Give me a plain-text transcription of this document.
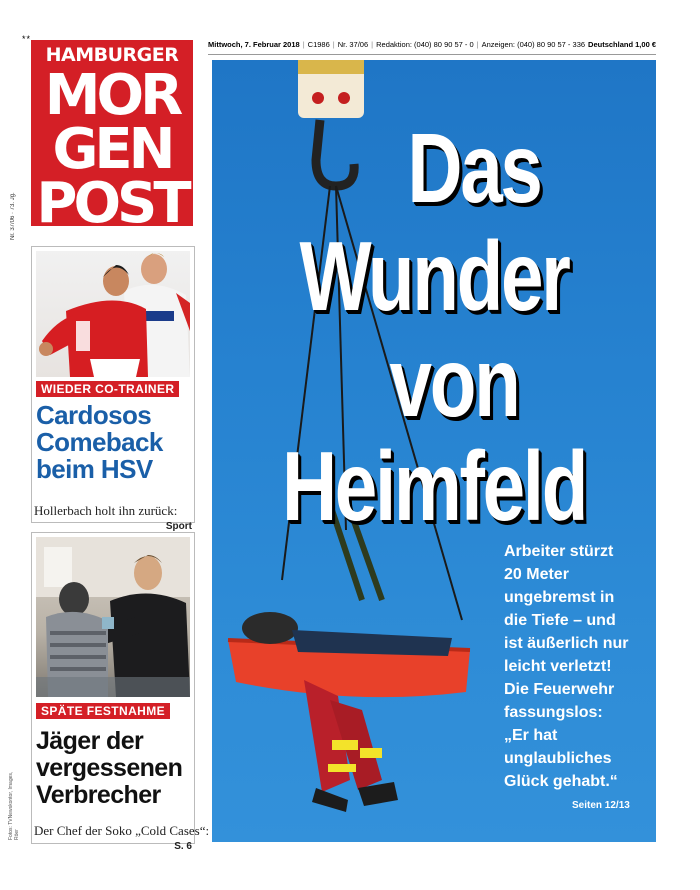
**
HAMBURGER
MOR
GEN
POST
Nr. 37/06 · 73. Jg.
Mittwoch, 7. Februar 2018 | C1986 | Nr. 37/06 | Redaktion: (040) 80 90 57 - 0 | Anzeigen: (040) 80 90 57 - 336 Deutschland 1,00 €
WIEDER CO-TRAINER
Cardosos
Comeback
beim HSV
Hollerbach holt ihn zurück:
Sport
SPÄTE FESTNAHME
Jäger der
vergessenen
Verbrecher
Der Chef der Soko „Cold Cases“:
S. 6
Fotos: TVNewskontor, Images, Röer
Das
Wunder
von
Heimfeld
Arbeiter stürzt
20 Meter
ungebremst in
die Tiefe – und
ist äußerlich nur
leicht verletzt!
Die Feuerwehr
fassungslos:
„Er hat
unglaubliches
Glück gehabt.“
Seiten 12/13
